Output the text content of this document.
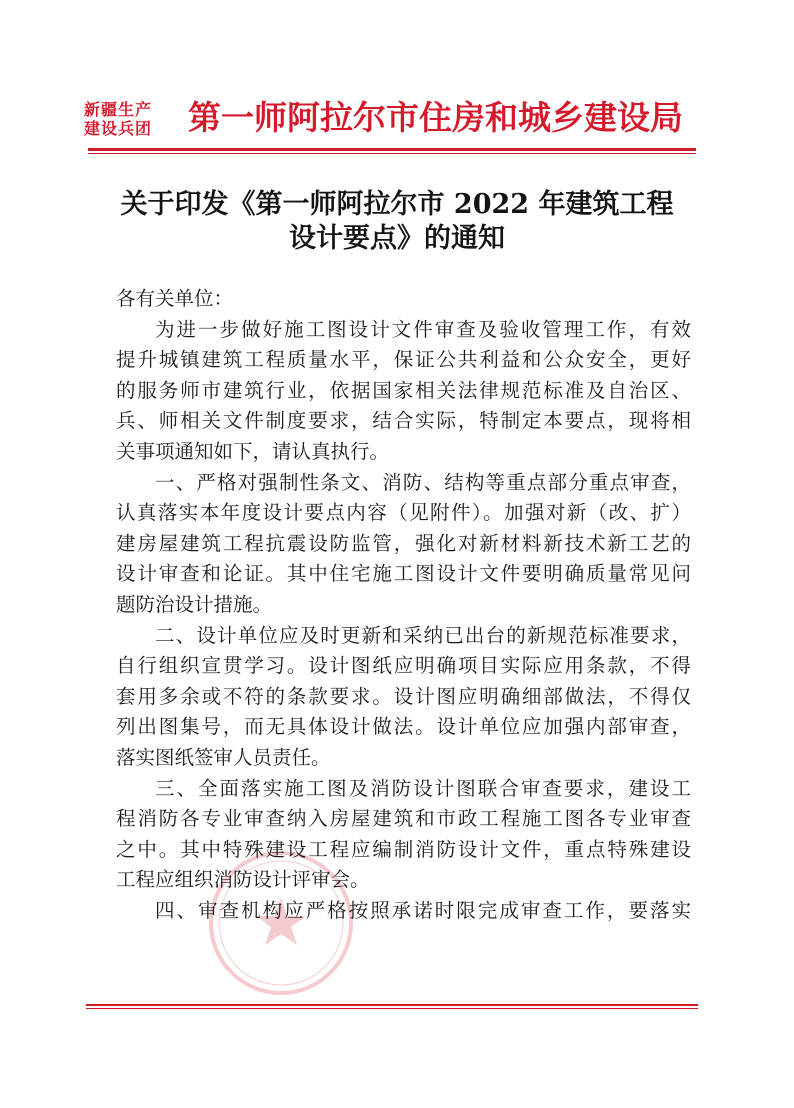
新疆生产
建设兵团	第一师阿拉尔市住房和城乡建设局
关于印发《第一师阿拉尔市 2022 年建筑工程
设计要点》的通知
各有关单位：
为进一步做好施工图设计文件审查及验收管理工作，有效
提升城镇建筑工程质量水平，保证公共利益和公众安全，更好
的服务师市建筑行业，依据国家相关法律规范标准及自治区、
兵、师相关文件制度要求，结合实际，特制定本要点，现将相
关事项通知如下，请认真执行。
一、严格对强制性条文、消防、结构等重点部分重点审查，
认真落实本年度设计要点内容（见附件）。加强对新（改、扩）
建房屋建筑工程抗震设防监管，强化对新材料新技术新工艺的
设计审查和论证。其中住宅施工图设计文件要明确质量常见问
题防治设计措施。
二、设计单位应及时更新和采纳已出台的新规范标准要求，
自行组织宣贯学习。设计图纸应明确项目实际应用条款，不得
套用多余或不符的条款要求。设计图应明确细部做法，不得仅
列出图集号，而无具体设计做法。设计单位应加强内部审查，
落实图纸签审人员责任。
三、全面落实施工图及消防设计图联合审查要求，建设工
程消防各专业审查纳入房屋建筑和市政工程施工图各专业审查
之中。其中特殊建设工程应编制消防设计文件，重点特殊建设
工程应组织消防设计评审会。
四、审查机构应严格按照承诺时限完成审查工作，要落实
